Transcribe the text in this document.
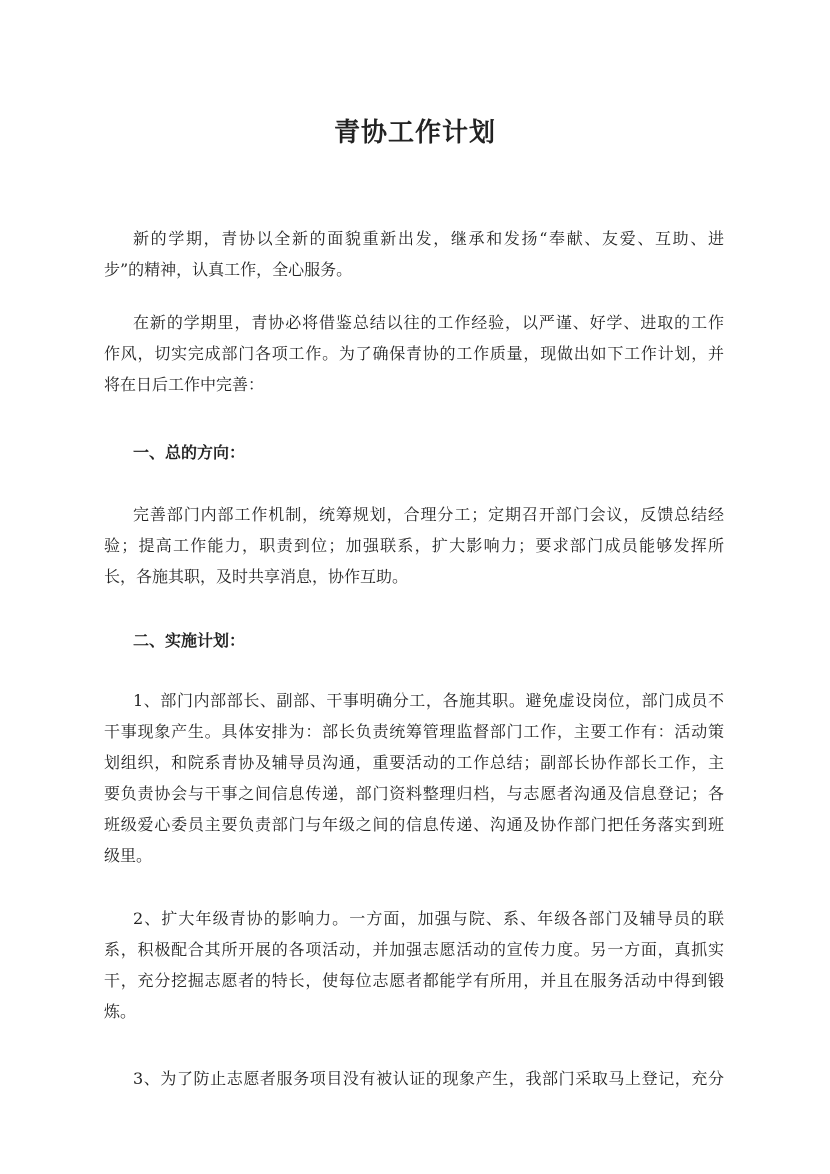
青协工作计划
新的学期，青协以全新的面貌重新出发，继承和发扬“奉献、友爱、互助、进
步”的精神，认真工作，全心服务。
在新的学期里，青协必将借鉴总结以往的工作经验，以严谨、好学、进取的工作
作风，切实完成部门各项工作。为了确保青协的工作质量，现做出如下工作计划，并
将在日后工作中完善：
一、总的方向：
完善部门内部工作机制，统筹规划，合理分工；定期召开部门会议，反馈总结经
验；提高工作能力，职责到位；加强联系，扩大影响力；要求部门成员能够发挥所
长，各施其职，及时共享消息，协作互助。
二、实施计划：
1、部门内部部长、副部、干事明确分工，各施其职。避免虚设岗位，部门成员不
干事现象产生。具体安排为：部长负责统筹管理监督部门工作，主要工作有：活动策
划组织，和院系青协及辅导员沟通，重要活动的工作总结；副部长协作部长工作，主
要负责协会与干事之间信息传递，部门资料整理归档，与志愿者沟通及信息登记；各
班级爱心委员主要负责部门与年级之间的信息传递、沟通及协作部门把任务落实到班
级里。
2、扩大年级青协的影响力。一方面，加强与院、系、年级各部门及辅导员的联
系，积极配合其所开展的各项活动，并加强志愿活动的宣传力度。另一方面，真抓实
干，充分挖掘志愿者的特长，使每位志愿者都能学有所用，并且在服务活动中得到锻
炼。
3、为了防止志愿者服务项目没有被认证的现象产生，我部门采取马上登记，充分
